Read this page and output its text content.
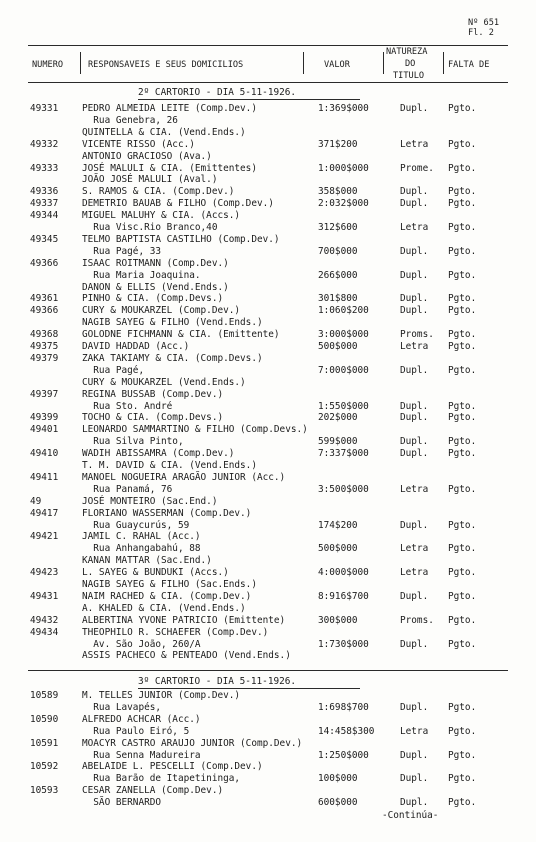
Nº 651
Fl. 2
NUMERO	RESPONSAVEIS E SEUS DOMICILIOS	VALOR
NATUREZA
DO
TITULO
FALTA DE
2º CARTORIO - DIA 5-11-1926.
49331	PEDRO ALMEIDA LEITE (Comp.Dev.)	1:369$000	Dupl. Pgto.
Rua Genebra, 26
QUINTELLA & CIA. (Vend.Ends.)
49332	VICENTE RISSO (Acc.)	371$200	Letra Pgto.
ANTONIO GRACIOSO (Ava.)
49333	JOSÉ MALULI & CIA. (Emittentes)	1:000$000	Prome. Pgto.
JOÃO JOSÉ MALULI (Aval.)
49336	S. RAMOS & CIA. (Comp.Dev.)	358$000	Dupl. Pgto.
49337	DEMETRIO BAUAB & FILHO (Comp.Dev.)	2:032$000	Dupl. Pgto.
49344	MIGUEL MALUHY & CIA. (Accs.)
Rua Visc.Rio Branco,40	312$600	Letra Pgto.
49345	TELMO BAPTISTA CASTILHO (Comp.Dev.)
Rua Pagé, 33	700$000	Dupl. Pgto.
49366	ISAAC ROITMANN (Comp.Dev.)
Rua Maria Joaquina.	266$000	Dupl. Pgto.
DANON & ELLIS (Vend.Ends.)
49361	PINHO & CIA. (Comp.Devs.)	301$800	Dupl. Pgto.
49366	CURY & MOUKARZEL (Comp.Dev.)	1:060$200	Dupl. Pgto.
NAGIB SAYEG & FILHO (Vend.Ends.)
49368	GOLODNE FICHMANN & CIA. (Emittente)	3:000$000	Proms. Pgto.
49375	DAVID HADDAD (Acc.)	500$000	Letra Pgto.
49379	ZAKA TAKIAMY & CIA. (Comp.Devs.)
Rua Pagé,	7:000$000	Dupl. Pgto.
CURY & MOUKARZEL (Vend.Ends.)
49397	REGINA BUSSAB (Comp.Dev.)
Rua Sto. André	1:550$000	Dupl. Pgto.
49399	TOCHO & CIA. (Comp.Devs.)	202$000	Dupl. Pgto.
49401	LEONARDO SAMMARTINO & FILHO (Comp.Devs.)
Rua Silva Pinto,	599$000	Dupl. Pgto.
49410	WADIH ABISSAMRA (Comp.Dev.)	7:337$000	Dupl. Pgto.
T. M. DAVID & CIA. (Vend.Ends.)
49411	MANOEL NOGUEIRA ARAGÃO JUNIOR (Acc.)
Rua Panamá, 76	3:500$000	Letra Pgto.
49	JOSÉ MONTEIRO (Sac.End.)
49417	FLORIANO WASSERMAN (Comp.Dev.)
Rua Guaycurús, 59	174$200	Dupl. Pgto.
49421	JAMIL C. RAHAL (Acc.)
Rua Anhangabahú, 88	500$000	Letra Pgto.
KANAN MATTAR (Sac.End.)
49423	L. SAYEG & BUNDUKI (Accs.)	4:000$000	Letra Pgto.
NAGIB SAYEG & FILHO (Sac.Ends.)
49431	NAIM RACHED & CIA. (Comp.Dev.)	8:916$700	Dupl. Pgto.
A. KHALED & CIA. (Vend.Ends.)
49432	ALBERTINA YVONE PATRICIO (Emittente)	300$000	Proms. Pgto.
49434	THEOPHILO R. SCHAEFER (Comp.Dev.)
Av. São João, 260/A	1:730$000	Dupl. Pgto.
ASSIS PACHECO & PENTEADO (Vend.Ends.)
3º CARTORIO - DIA 5-11-1926.
10589	M. TELLES JUNIOR (Comp.Dev.)
Rua Lavapés,	1:698$700	Dupl. Pgto.
10590	ALFREDO ACHCAR (Acc.)
Rua Paulo Eiró, 5	14:458$300	Letra Pgto.
10591	MOACYR CASTRO ARAUJO JUNIOR (Comp.Dev.)
Rua Senna Madureira	1:250$000	Dupl. Pgto.
10592	ABELAIDE L. PESCELLI (Comp.Dev.)
Rua Barão de Itapetininga,	100$000	Dupl. Pgto.
10593	CESAR ZANELLA (Comp.Dev.)
SÃO BERNARDO	600$000	Dupl. Pgto.
-Continúa-
